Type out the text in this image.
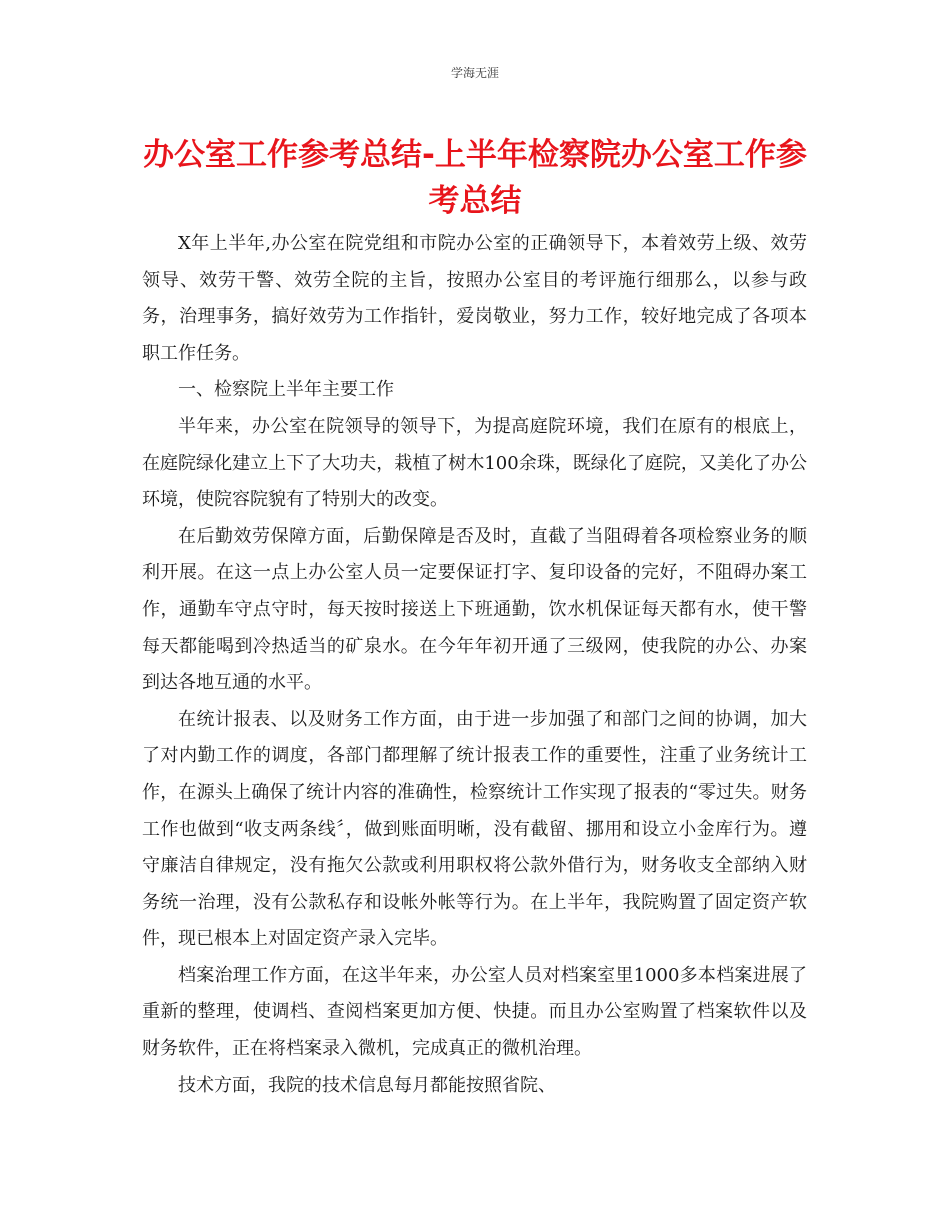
学海无涯
办公室工作参考总结-上半年检察院办公室工作参考总结

X年上半年,办公室在院党组和市院办公室的正确领导下，本着效劳上级、效劳领导、效劳干警、效劳全院的主旨，按照办公室目的考评施行细那么，以参与政务，治理事务，搞好效劳为工作指针，爱岗敬业，努力工作，较好地完成了各项本职工作任务。

一、检察院上半年主要工作

半年来，办公室在院领导的领导下，为提高庭院环境，我们在原有的根底上，在庭院绿化建立上下了大功夫，栽植了树木100余珠，既绿化了庭院，又美化了办公环境，使院容院貌有了特别大的改变。

在后勤效劳保障方面，后勤保障是否及时，直截了当阻碍着各项检察业务的顺利开展。在这一点上办公室人员一定要保证打字、复印设备的完好，不阻碍办案工作，通勤车守点守时，每天按时接送上下班通勤，饮水机保证每天都有水，使干警每天都能喝到冷热适当的矿泉水。在今年年初开通了三级网，使我院的办公、办案到达各地互通的水平。

在统计报表、以及财务工作方面，由于进一步加强了和部门之间的协调，加大了对内勤工作的调度，各部门都理解了统计报表工作的重要性，注重了业务统计工作，在源头上确保了统计内容的准确性，检察统计工作实现了报表的“零过失。财务工作也做到“收支两条线〞，做到账面明晰，没有截留、挪用和设立小金库行为。遵守廉洁自律规定，没有拖欠公款或利用职权将公款外借行为，财务收支全部纳入财务统一治理，没有公款私存和设帐外帐等行为。在上半年，我院购置了固定资产软件，现已根本上对固定资产录入完毕。

档案治理工作方面，在这半年来，办公室人员对档案室里1000多本档案进展了重新的整理，使调档、查阅档案更加方便、快捷。而且办公室购置了档案软件以及财务软件，正在将档案录入微机，完成真正的微机治理。

技术方面，我院的技术信息每月都能按照省院、
